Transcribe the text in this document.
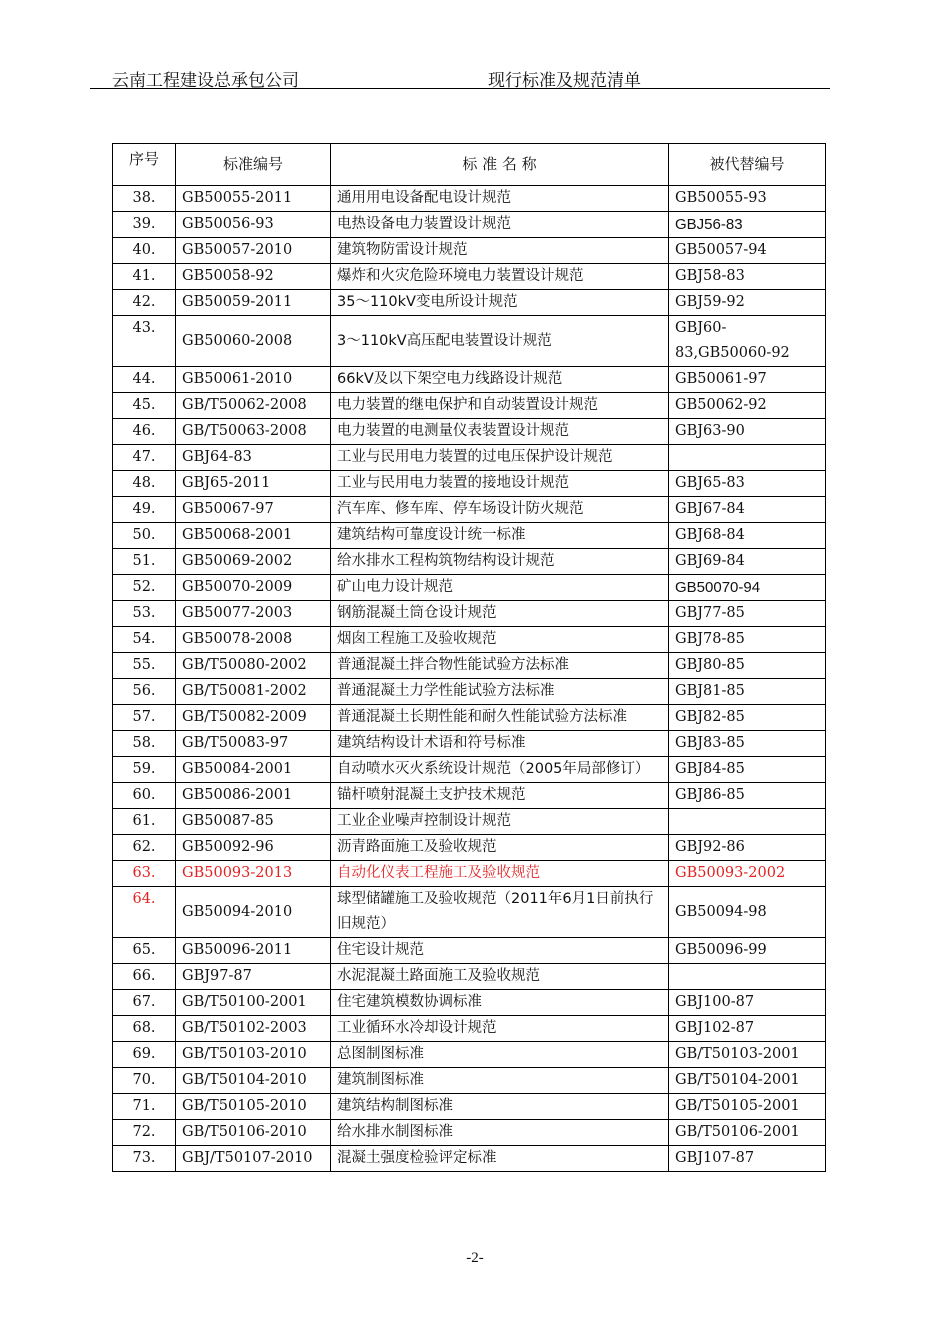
云南工程建设总承包公司	现行标准及规范清单
序号	标准编号	标 准 名 称	被代替编号
38.	GB50055-2011	通用用电设备配电设计规范	GB50055-93
39.	GB50056-93	电热设备电力装置设计规范	GBJ56-83
40.	GB50057-2010	建筑物防雷设计规范	GB50057-94
41.	GB50058-92	爆炸和火灾危险环境电力装置设计规范	GBJ58-83
42.	GB50059-2011	35～110kV变电所设计规范	GBJ59-92
43.	GB50060-2008	3～110kV高压配电装置设计规范	GBJ60-
83,GB50060-92
44.	GB50061-2010	66kV及以下架空电力线路设计规范	GB50061-97
45.	GB/T50062-2008	电力装置的继电保护和自动装置设计规范	GB50062-92
46.	GB/T50063-2008	电力装置的电测量仪表装置设计规范	GBJ63-90
47.	GBJ64-83	工业与民用电力装置的过电压保护设计规范	
48.	GBJ65-2011	工业与民用电力装置的接地设计规范	GBJ65-83
49.	GB50067-97	汽车库、修车库、停车场设计防火规范	GBJ67-84
50.	GB50068-2001	建筑结构可靠度设计统一标准	GBJ68-84
51.	GB50069-2002	给水排水工程构筑物结构设计规范	GBJ69-84
52.	GB50070-2009	矿山电力设计规范	GB50070-94
53.	GB50077-2003	钢筋混凝土筒仓设计规范	GBJ77-85
54.	GB50078-2008	烟囱工程施工及验收规范	GBJ78-85
55.	GB/T50080-2002	普通混凝土拌合物性能试验方法标准	GBJ80-85
56.	GB/T50081-2002	普通混凝土力学性能试验方法标准	GBJ81-85
57.	GB/T50082-2009	普通混凝土长期性能和耐久性能试验方法标准	GBJ82-85
58.	GB/T50083-97	建筑结构设计术语和符号标准	GBJ83-85
59.	GB50084-2001	自动喷水灭火系统设计规范（2005年局部修订）	GBJ84-85
60.	GB50086-2001	锚杆喷射混凝土支护技术规范	GBJ86-85
61.	GB50087-85	工业企业噪声控制设计规范	
62.	GB50092-96	沥青路面施工及验收规范	GBJ92-86
63.	GB50093-2013	自动化仪表工程施工及验收规范	GB50093-2002
64.	GB50094-2010	球型储罐施工及验收规范（2011年6月1日前执行旧规范）	GB50094-98
65.	GB50096-2011	住宅设计规范	GB50096-99
66.	GBJ97-87	水泥混凝土路面施工及验收规范	
67.	GB/T50100-2001	住宅建筑模数协调标准	GBJ100-87
68.	GB/T50102-2003	工业循环水冷却设计规范	GBJ102-87
69.	GB/T50103-2010	总图制图标准	GB/T50103-2001
70.	GB/T50104-2010	建筑制图标准	GB/T50104-2001
71.	GB/T50105-2010	建筑结构制图标准	GB/T50105-2001
72.	GB/T50106-2010	给水排水制图标准	GB/T50106-2001
73.	GBJ/T50107-2010	混凝土强度检验评定标准	GBJ107-87
-2-
